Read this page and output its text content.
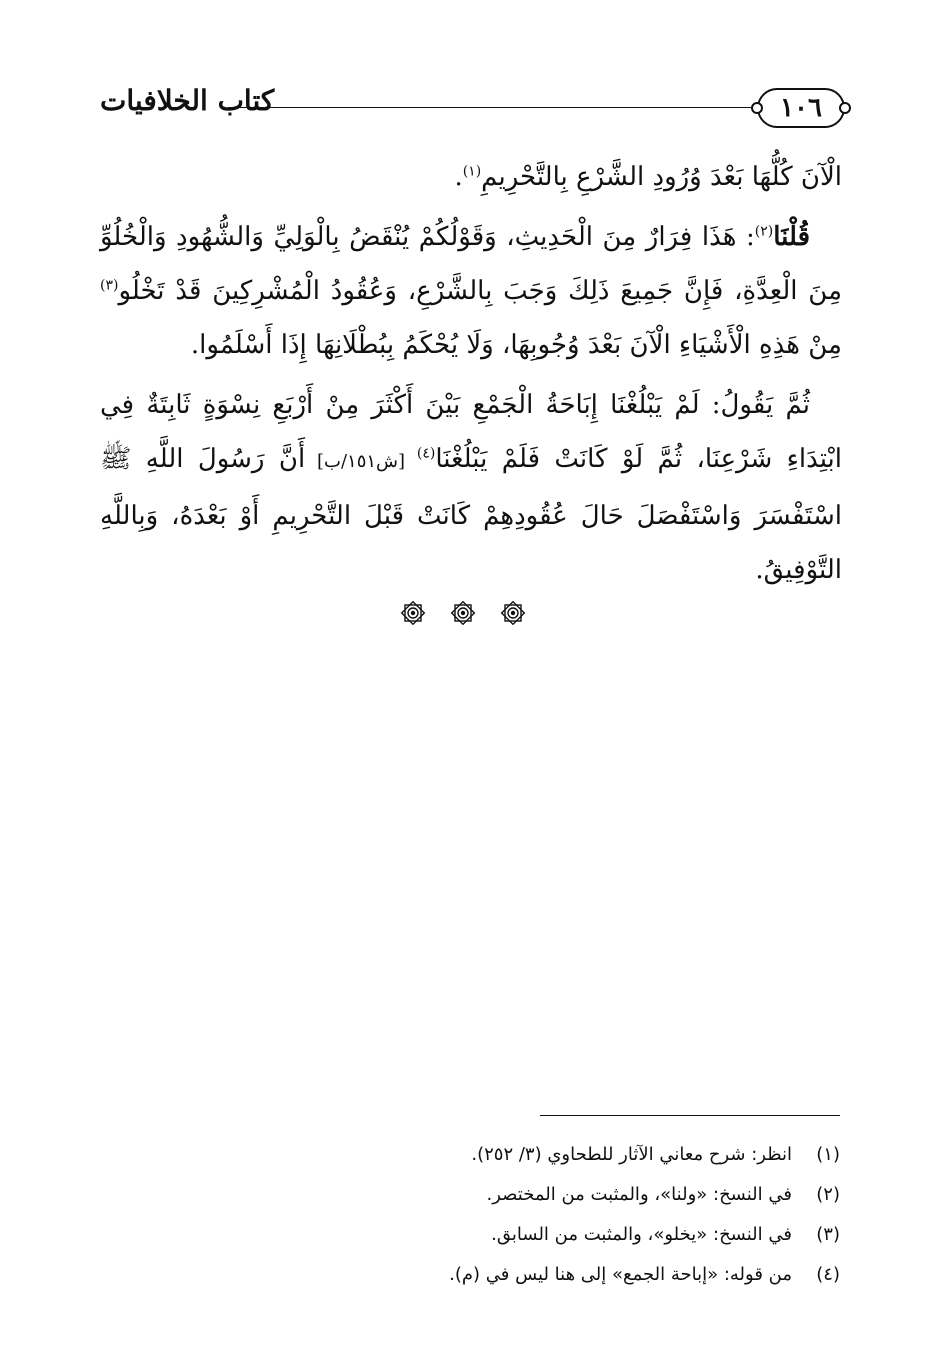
١٠٦
كتاب الخلافيات

الْآنَ كُلُّهَا بَعْدَ وُرُودِ الشَّرْعِ بِالتَّحْرِيمِ$^{(١)}$.

قُلْنَا$^{(٢)}$: هَذَا فِرَارٌ مِنَ الْحَدِيثِ، وَقَوْلُكُمْ يُنْقَضُ بِالْوَلِيِّ وَالشُّهُودِ وَالْخُلُوِّ مِنَ الْعِدَّةِ، فَإِنَّ جَمِيعَ ذَلِكَ وَجَبَ بِالشَّرْعِ، وَعُقُودُ الْمُشْرِكِينَ قَدْ تَخْلُو$^{(٣)}$ مِنْ هَذِهِ الْأَشْيَاءِ الْآنَ بَعْدَ وُجُوبِهَا، وَلَا يُحْكَمُ بِبُطْلَانِهَا إِذَا أَسْلَمُوا.

ثُمَّ يَقُولُ: لَمْ يَبْلُغْنَا إِبَاحَةُ الْجَمْعِ بَيْنَ أَكْثَرَ مِنْ أَرْبَعِ نِسْوَةٍ ثَابِتَةٌ فِي ابْتِدَاءِ شَرْعِنَا، ثُمَّ لَوْ كَانَتْ فَلَمْ يَبْلُغْنَا$^{(٤)}$ [ش١٥١/ب] أَنَّ رَسُولَ اللَّهِ ﷺ اسْتَفْسَرَ وَاسْتَفْصَلَ حَالَ عُقُودِهِمْ كَانَتْ قَبْلَ التَّحْرِيمِ أَوْ بَعْدَهُ، وَبِاللَّهِ التَّوْفِيقُ.

(١)
انظر: شرح معاني الآثار للطحاوي (٣/ ٢٥٢).
(٢)
في النسخ: «ولنا»، والمثبت من المختصر.
(٣)
في النسخ: «يخلو»، والمثبت من السابق.
(٤)
من قوله: «إباحة الجمع» إلى هنا ليس في (م).
